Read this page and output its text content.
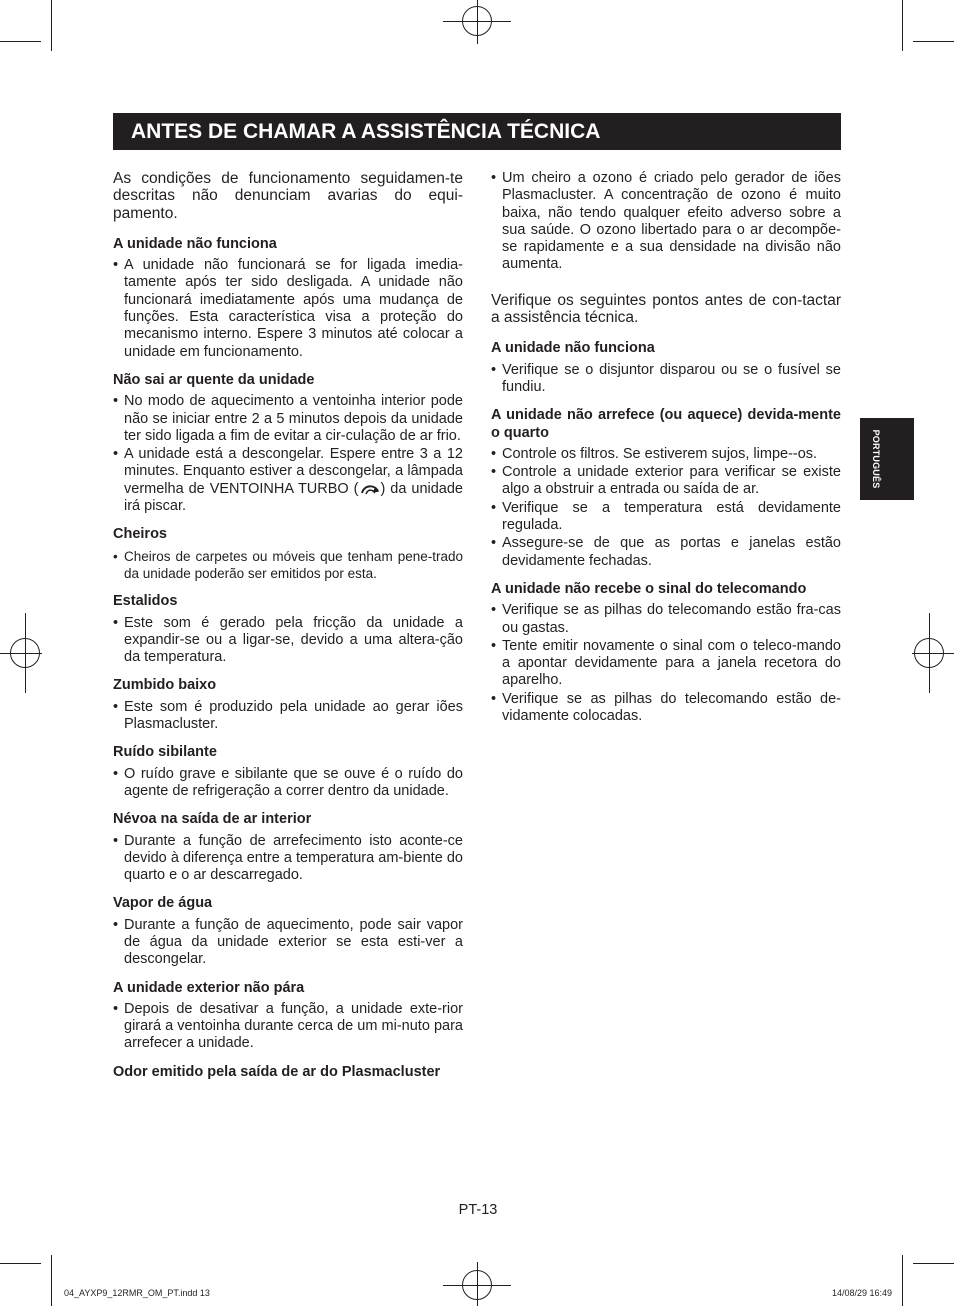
ANTES DE CHAMAR A ASSISTÊNCIA TÉCNICA
PORTUGUÊS

As condições de funcionamento seguidamen-te descritas não denunciam avarias do equi-pamento.

A unidade não funciona
• A unidade não funcionará se for ligada imedia-tamente após ter sido desligada. A unidade não funcionará imediatamente após uma mudança de funções. Esta característica visa a proteção do mecanismo interno. Espere 3 minutos até colocar a unidade em funcionamento.
Não sai ar quente da unidade
• No modo de aquecimento a ventoinha interior pode não se iniciar entre 2 a 5 minutos depois da unidade ter sido ligada a fim de evitar a cir-culação de ar frio.
• A unidade está a descongelar. Espere entre 3 a 12 minutes. Enquanto estiver a descongelar, a lâmpada vermelha de VENTOINHA TURBO ( ) da unidade irá piscar.
Cheiros
• Cheiros de carpetes ou móveis que tenham pene-trado da unidade poderão ser emitidos por esta.
Estalidos
• Este som é gerado pela fricção da unidade a expandir-se ou a ligar-se, devido a uma altera-ção da temperatura.
Zumbido baixo
• Este som é produzido pela unidade ao gerar iões Plasmacluster.
Ruído sibilante
• O ruído grave e sibilante que se ouve é o ruído do agente de refrigeração a correr dentro da unidade.
Névoa na saída de ar interior
• Durante a função de arrefecimento isto aconte-ce devido à diferença entre a temperatura am-biente do quarto e o ar descarregado.
Vapor de água
• Durante a função de aquecimento, pode sair vapor de água da unidade exterior se esta esti-ver a descongelar.
A unidade exterior não pára
• Depois de desativar a função, a unidade exte-rior girará a ventoinha durante cerca de um mi-nuto para arrefecer a unidade.
Odor emitido pela saída de ar do Plasmacluster
• Um cheiro a ozono é criado pelo gerador de iões Plasmacluster. A concentração de ozono é muito baixa, não tendo qualquer efeito adverso sobre a sua saúde. O ozono libertado para o ar decompõe-se rapidamente e a sua densidade na divisão não aumenta.

Verifique os seguintes pontos antes de con-tactar a assistência técnica.

A unidade não funciona
• Verifique se o disjuntor disparou ou se o fusível se fundiu.
A unidade não arrefece (ou aquece) devida-mente o quarto
• Controle os filtros. Se estiverem sujos, limpe--os.
• Controle a unidade exterior para verificar se existe algo a obstruir a entrada ou saída de ar.
• Verifique se a temperatura está devidamente regulada.
• Assegure-se de que as portas e janelas estão devidamente fechadas.
A unidade não recebe o sinal do telecomando
• Verifique se as pilhas do telecomando estão fra-cas ou gastas.
• Tente emitir novamente o sinal com o teleco-mando a apontar devidamente para a janela recetora do aparelho.
• Verifique se as pilhas do telecomando estão de-vidamente colocadas.
PT-13
04_AYXP9_12RMR_OM_PT.indd 13	14/08/29 16:49
